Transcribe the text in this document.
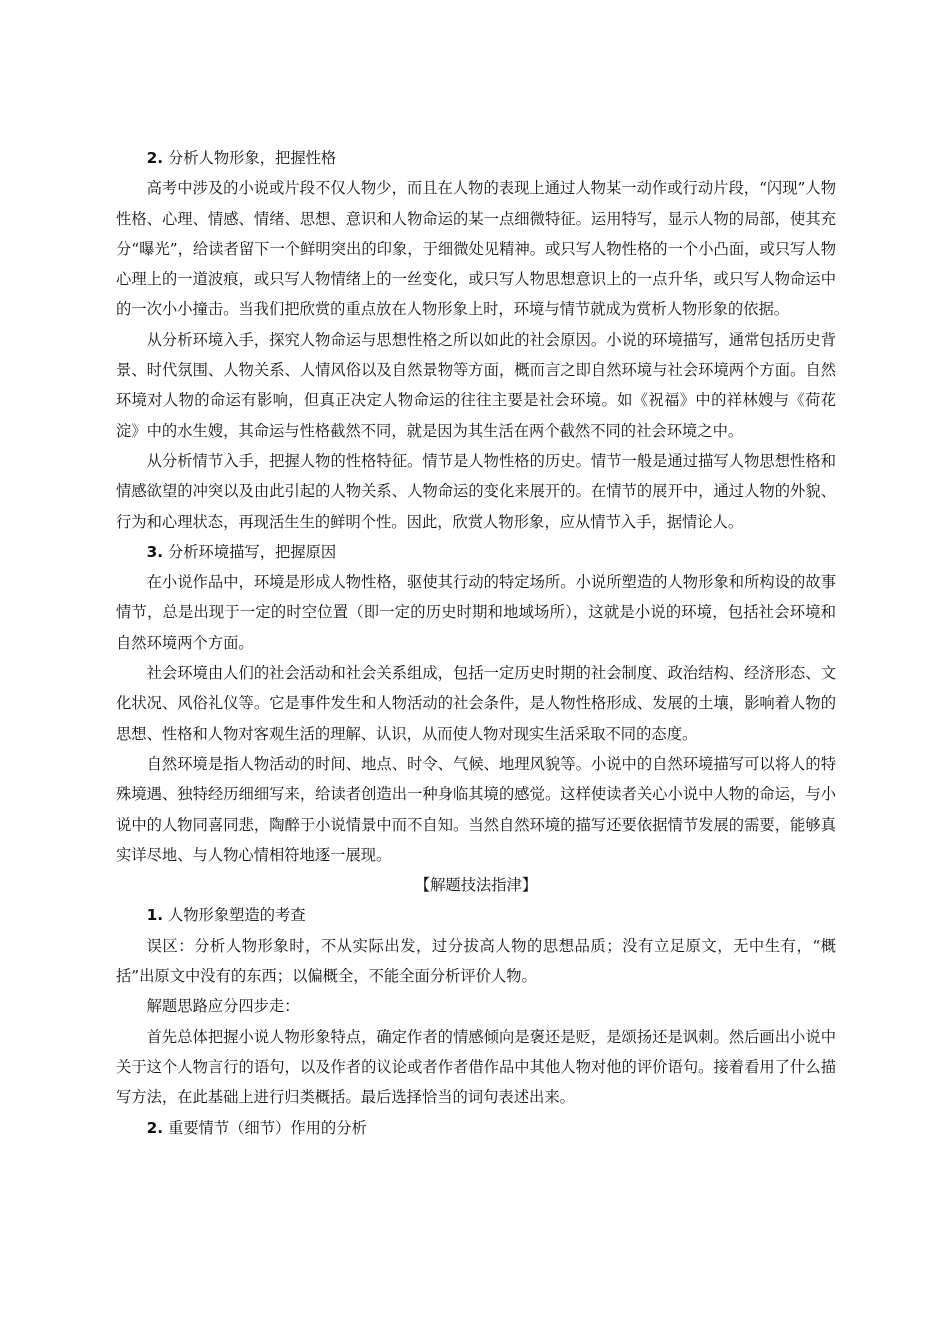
2. 分析人物形象，把握性格

高考中涉及的小说或片段不仅人物少，而且在人物的表现上通过人物某一动作或行动片段，“闪现”人物性格、心理、情感、情绪、思想、意识和人物命运的某一点细微特征。运用特写，显示人物的局部，使其充分“曝光”，给读者留下一个鲜明突出的印象，于细微处见精神。或只写人物性格的一个小凸面，或只写人物心理上的一道波痕，或只写人物情绪上的一丝变化，或只写人物思想意识上的一点升华，或只写人物命运中的一次小小撞击。当我们把欣赏的重点放在人物形象上时，环境与情节就成为赏析人物形象的依据。

从分析环境入手，探究人物命运与思想性格之所以如此的社会原因。小说的环境描写，通常包括历史背景、时代氛围、人物关系、人情风俗以及自然景物等方面，概而言之即自然环境与社会环境两个方面。自然环境对人物的命运有影响，但真正决定人物命运的往往主要是社会环境。如《祝福》中的祥林嫂与《荷花淀》中的水生嫂，其命运与性格截然不同，就是因为其生活在两个截然不同的社会环境之中。

从分析情节入手，把握人物的性格特征。情节是人物性格的历史。情节一般是通过描写人物思想性格和情感欲望的冲突以及由此引起的人物关系、人物命运的变化来展开的。在情节的展开中，通过人物的外貌、行为和心理状态，再现活生生的鲜明个性。因此，欣赏人物形象，应从情节入手，据情论人。

3. 分析环境描写，把握原因

在小说作品中，环境是形成人物性格，驱使其行动的特定场所。小说所塑造的人物形象和所构设的故事情节，总是出现于一定的时空位置（即一定的历史时期和地域场所），这就是小说的环境，包括社会环境和自然环境两个方面。

社会环境由人们的社会活动和社会关系组成，包括一定历史时期的社会制度、政治结构、经济形态、文化状况、风俗礼仪等。它是事件发生和人物活动的社会条件，是人物性格形成、发展的土壤，影响着人物的思想、性格和人物对客观生活的理解、认识，从而使人物对现实生活采取不同的态度。

自然环境是指人物活动的时间、地点、时令、气候、地理风貌等。小说中的自然环境描写可以将人的特殊境遇、独特经历细细写来，给读者创造出一种身临其境的感觉。这样使读者关心小说中人物的命运，与小说中的人物同喜同悲，陶醉于小说情景中而不自知。当然自然环境的描写还要依据情节发展的需要，能够真实详尽地、与人物心情相符地逐一展现。

【解题技法指津】

1. 人物形象塑造的考查

误区：分析人物形象时，不从实际出发，过分拔高人物的思想品质；没有立足原文，无中生有，“概括”出原文中没有的东西；以偏概全，不能全面分析评价人物。

解题思路应分四步走：

首先总体把握小说人物形象特点，确定作者的情感倾向是褒还是贬，是颂扬还是讽刺。然后画出小说中关于这个人物言行的语句，以及作者的议论或者作者借作品中其他人物对他的评价语句。接着看用了什么描写方法，在此基础上进行归类概括。最后选择恰当的词句表述出来。

2. 重要情节（细节）作用的分析
